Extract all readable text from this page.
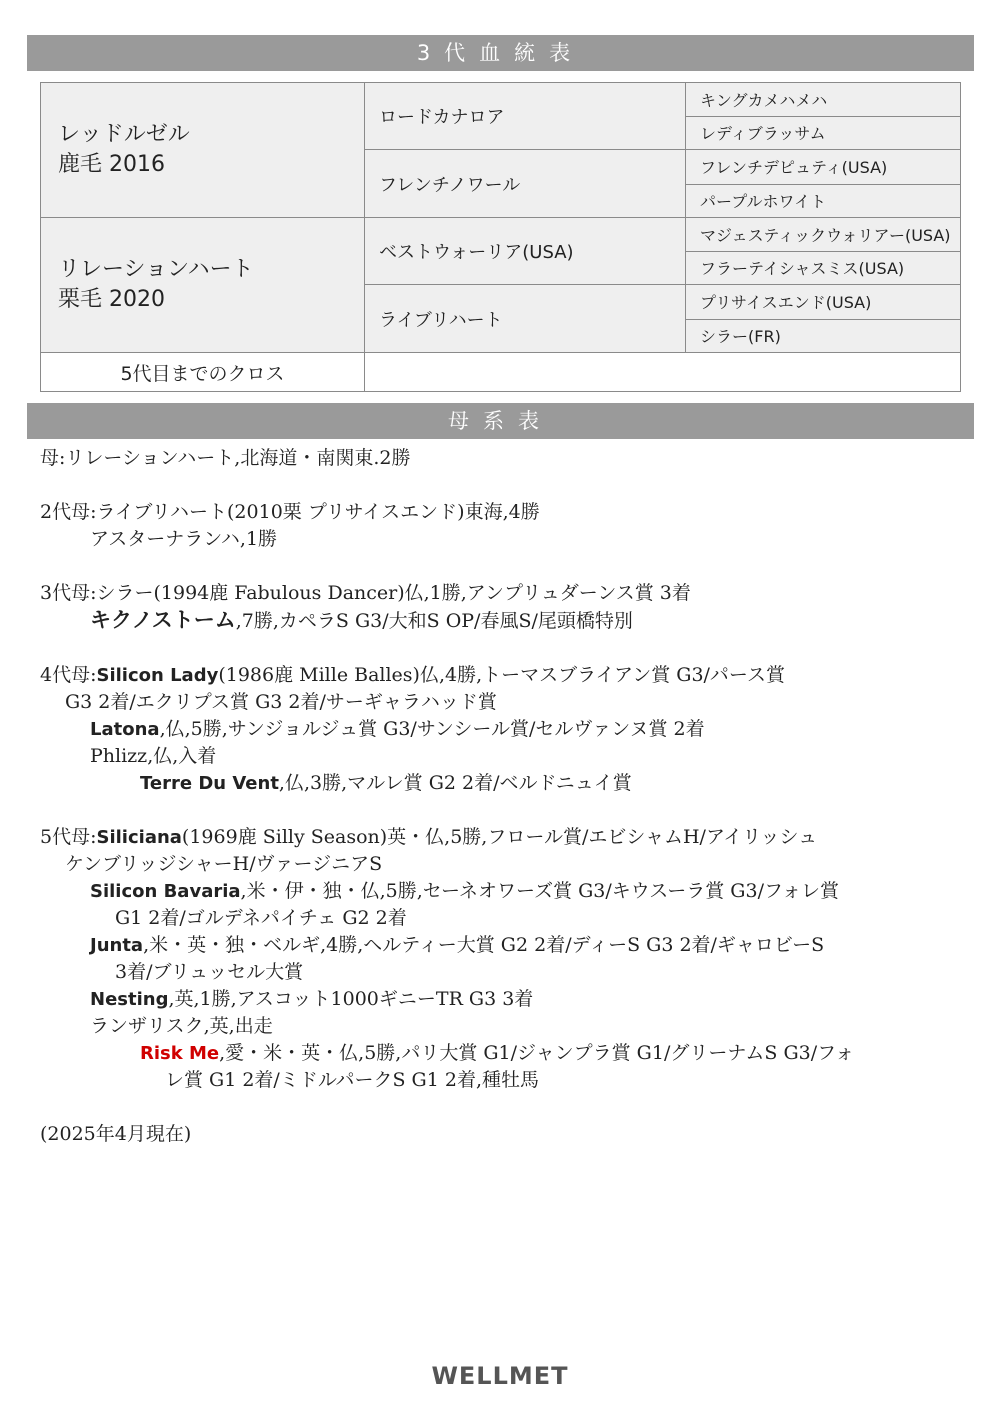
3代血統表
レッドルゼル
鹿毛 2016	ロードカナロア	キングカメハメハ

		レディブラッサム

	フレンチノワール	フレンチデピュティ(USA)

		パープルホワイト

リレーションハート
栗毛 2020	ベストウォーリア(USA)	マジェスティックウォリアー(USA)

		フラーテイシャスミス(USA)

	ライブリハート	プリサイスエンド(USA)

		シラー(FR)

5代目までのクロス		
母系表
母:リレーションハート,北海道・南関東.2勝
2代母:ライブリハート(2010栗 プリサイスエンド)東海,4勝
アスターナランハ,1勝
3代母:シラー(1994鹿 Fabulous Dancer)仏,1勝,アンプリュダーンス賞 3着
キクノストーム,7勝,カペラS G3/大和S OP/春風S/尾頭橋特別
4代母:Silicon Lady(1986鹿 Mille Balles)仏,4勝,トーマスブライアン賞 G3/パース賞
G3 2着/エクリプス賞 G3 2着/サーギャラハッド賞
Latona,仏,5勝,サンジョルジュ賞 G3/サンシール賞/セルヴァンヌ賞 2着
Phlizz,仏,入着
Terre Du Vent,仏,3勝,マルレ賞 G2 2着/ベルドニュイ賞
5代母:Siliciana(1969鹿 Silly Season)英・仏,5勝,フロール賞/エビシャムH/アイリッシュ
ケンブリッジシャーH/ヴァージニアS
Silicon Bavaria,米・伊・独・仏,5勝,セーネオワーズ賞 G3/キウスーラ賞 G3/フォレ賞
G1 2着/ゴルデネパイチェ G2 2着
Junta,米・英・独・ベルギ,4勝,ヘルティー大賞 G2 2着/ディーS G3 2着/ギャロビーS
3着/ブリュッセル大賞
Nesting,英,1勝,アスコット1000ギニーTR G3 3着
ランザリスク,英,出走
Risk Me,愛・米・英・仏,5勝,パリ大賞 G1/ジャンプラ賞 G1/グリーナムS G3/フォ
レ賞 G1 2着/ミドルパークS G1 2着,種牡馬
(2025年4月現在)
WELLMET
